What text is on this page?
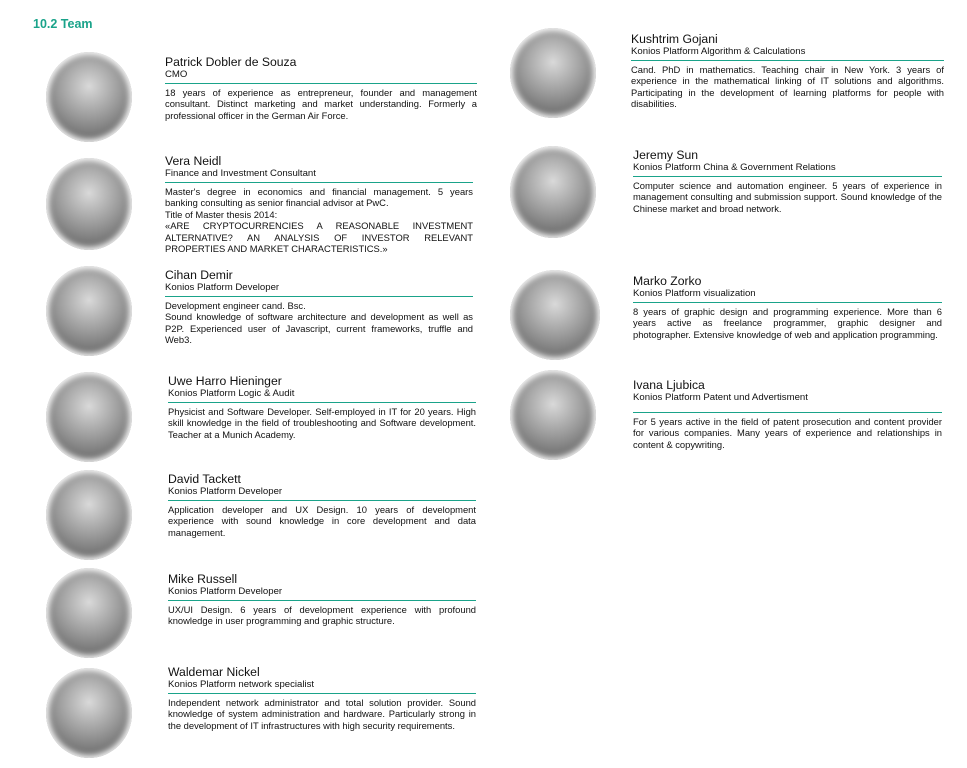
10.2 Team

Patrick Dobler de Souza

CMO

18 years of experience as entrepreneur, founder and management consultant. Distinct marketing and market understanding. Formerly a professional officer in the German Air Force.

Vera Neidl

Finance and Investment Consultant

Master's degree in economics and financial management. 5 years banking consulting as senior financial advisor at PwC.
Title of Master thesis 2014:
«ARE CRYPTOCURRENCIES A REASONABLE INVESTMENT ALTERNATIVE? AN ANALYSIS OF INVESTOR RELEVANT PROPERTIES AND MARKET CHARACTERISTICS.»

Cihan Demir

Konios Platform Developer

Development engineer cand. Bsc.
Sound knowledge of software architecture and development as well as P2P. Experienced user of Javascript, current frameworks, truffle and Web3.

Uwe Harro Hieninger

Konios Platform Logic & Audit

Physicist and Software Developer. Self-employed in IT for 20 years. High skill knowledge in the field of troubleshooting and Software development. Teacher at a Munich Academy.

David Tackett

Konios Platform Developer

Application developer and UX Design. 10 years of development experience with sound knowledge in core development and data management.

Mike Russell

Konios Platform Developer

UX/UI Design. 6 years of development experience with profound knowledge in user programming and graphic structure.

Waldemar Nickel

Konios Platform network specialist

Independent network administrator and total solution provider. Sound knowledge of system administration and hardware. Particularly strong in the development of IT infrastructures with high security requirements.

Kushtrim Gojani

Konios Platform Algorithm & Calculations

Cand. PhD in mathematics. Teaching chair in New York. 3 years of experience in the mathematical linking of IT solutions and algorithms. Participating in the development of learning platforms for people with disabilities.

Jeremy Sun

Konios Platform China & Government Relations

Computer science and automation engineer. 5 years of experience in management consulting and submission support. Sound knowledge of the Chinese market and broad network.

Marko Zorko

Konios Platform visualization

8 years of graphic design and programming experience. More than 6 years active as freelance programmer, graphic designer and photographer. Extensive knowledge of web and application programming.

Ivana Ljubica

Konios Platform Patent und Advertisment

For 5 years active in the field of patent prosecution and content provider for various companies. Many years of experience and relationships in content & copywriting.
